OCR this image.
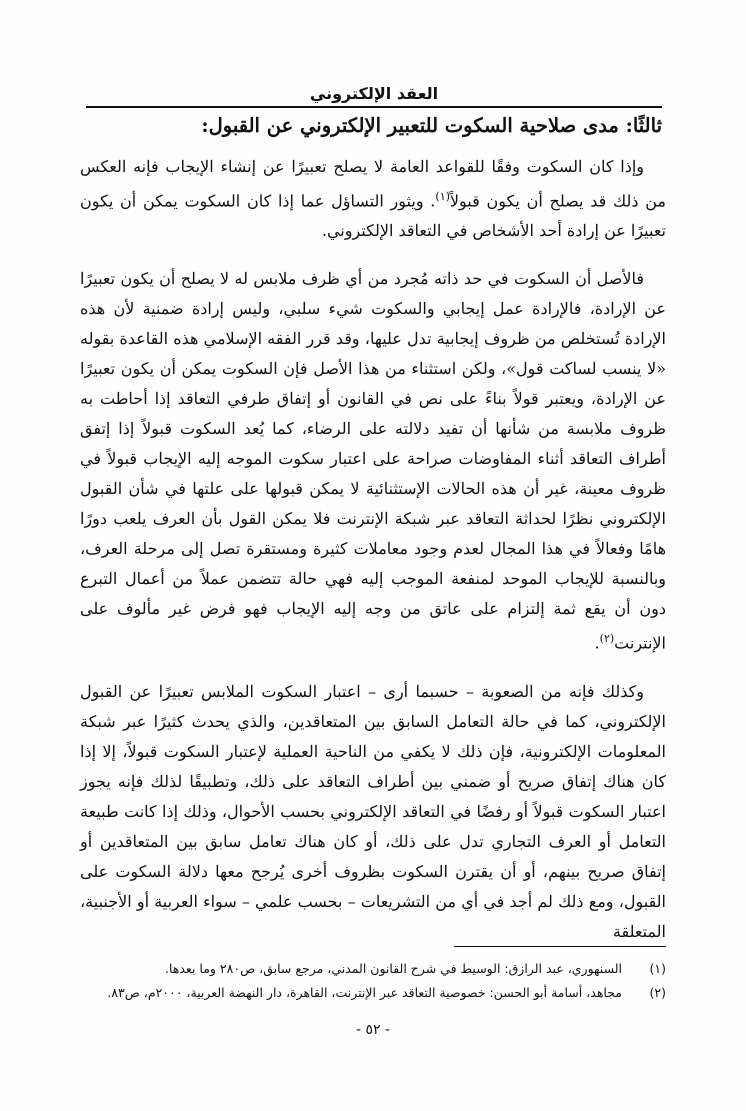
العقد الإلكتروني
ثالثًا: مدى صلاحية السكوت للتعبير الإلكتروني عن القبول:

وإذا كان السكوت وفقًا للقواعد العامة لا يصلح تعبيرًا عن إنشاء الإيجاب فإنه العكس من ذلك قد يصلح أن يكون قبولاً$^{(١)}$. ويثور التساؤل عما إذا كان السكوت يمكن أن يكون تعبيرًا عن إرادة أحد الأشخاص في التعاقد الإلكتروني.

فالأصل أن السكوت في حد ذاته مُجرد من أي ظرف ملابس له لا يصلح أن يكون تعبيرًا عن الإرادة، فالإرادة عمل إيجابي والسكوت شيء سلبي، وليس إرادة ضمنية لأن هذه الإرادة تُستخلص من ظروف إيجابية تدل عليها، وقد قرر الفقه الإسلامي هذه القاعدة بقوله «لا ينسب لساكت قول»، ولكن استثناء من هذا الأصل فإن السكوت يمكن أن يكون تعبيرًا عن الإرادة، ويعتبر قولاً بناءً على نص في القانون أو إتفاق طرفي التعاقد إذا أحاطت به ظروف ملابسة من شأنها أن تفيد دلالته على الرضاء، كما يُعد السكوت قبولاً إذا إتفق أطراف التعاقد أثناء المفاوضات صراحة على اعتبار سكوت الموجه إليه الإيجاب قبولاً في ظروف معينة، غير أن هذه الحالات الإستثنائية لا يمكن قبولها على علتها في شأن القبول الإلكتروني نظرًا لحداثة التعاقد عبر شبكة الإنترنت فلا يمكن القول بأن العرف يلعب دورًا هامًا وفعالاً في هذا المجال لعدم وجود معاملات كثيرة ومستقرة تصل إلى مرحلة العرف، وبالنسبة للإيجاب الموحد لمنفعة الموجب إليه فهي حالة تتضمن عملاً من أعمال التبرع دون أن يقع ثمة إلتزام على عاتق من وجه إليه الإيجاب فهو فرض غير مألوف على الإنترنت$^{(٢)}$.

وكذلك فإنه من الصعوبة – حسبما أرى – اعتبار السكوت الملابس تعبيرًا عن القبول الإلكتروني، كما في حالة التعامل السابق بين المتعاقدين، والذي يحدث كثيرًا عبر شبكة المعلومات الإلكترونية، فإن ذلك لا يكفي من الناحية العملية لإعتبار السكوت قبولاً، إلا إذا كان هناك إتفاق صريح أو ضمني بين أطراف التعاقد على ذلك، وتطبيقًا لذلك فإنه يجوز اعتبار السكوت قبولاً أو رفضًا في التعاقد الإلكتروني بحسب الأحوال، وذلك إذا كانت طبيعة التعامل أو العرف التجاري تدل على ذلك، أو كان هناك تعامل سابق بين المتعاقدين أو إتفاق صريح بينهم، أو أن يقترن السكوت بظروف أخرى يُرجح معها دلالة السكوت على القبول، ومع ذلك لم أجد في أي من التشريعات – بحسب علمي – سواء العربية أو الأجنبية، المتعلقة

(١)
السنهوري، عبد الرازق: الوسيط في شرح القانون المدني، مرجع سابق، ص٢٨٠ وما بعدها.
(٢)
مجاهد، أسامة أبو الحسن: خصوصية التعاقد عبر الإنترنت، القاهرة، دار النهضة العربية، ٢٠٠٠م، ص٨٣.
- ٥٢ -
